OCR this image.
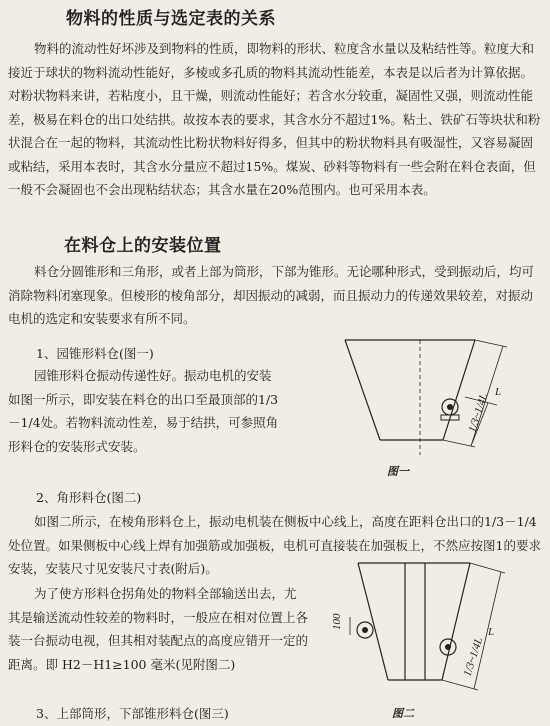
物料的性质与选定表的关系

物料的流动性好坏涉及到物料的性质，即物料的形状、粒度含水量以及粘结性等。粒度大和接近于球状的物料流动性能好，多棱或多孔质的物料其流动性能差，本表是以后者为计算依据。对粉状物料来讲，若粘度小，且干燥，则流动性能好；若含水分较重，凝固性又强，则流动性能差，极易在料仓的出口处结拱。故按本表的要求，其含水分不超过1%。粘土、铁矿石等块状和粉状混合在一起的物料，其流动性比粉状物料好得多，但其中的粉状物料具有吸湿性，又容易凝固或粘结，采用本表时，其含水分量应不超过15%。煤炭、砂料等物料有一些会附在料仓表面，但一般不会凝固也不会出现粘结状态；其含水量在20%范围内。也可采用本表。

在料仓上的安装位置

料仓分圆锥形和三角形，或者上部为筒形，下部为锥形。无论哪种形式，受到振动后，均可消除物料闭塞现象。但棱形的棱角部分，却因振动的减弱，而且振动力的传递效果较差，对振动电机的选定和安装要求有所不同。

1、园锥形料仓(图一)

园锥形料仓振动传递性好。振动电机的安装如图一所示，即安装在料仓的出口至最顶部的1/3－1/4处。若物料流动性差，易于结拱，可参照角形料仓的安装形式安装。

L
1/3~1/4L
图一
2、角形料仓(图二)

如图二所示，在棱角形料仓上，振动电机装在侧板中心线上，高度在距料仓出口的1/3－1/4处位置。如果侧板中心线上焊有加强筋或加强板，电机可直接装在加强板上，不然应按图1的要求安装，安装尺寸见安装尺寸表(附后)。

为了使方形料仓拐角处的物料全部输送出去，尤其是输送流动性较差的物料时，一般应在相对位置上各装一台振动电视，但其相对装配点的高度应错开一定的距离。即 H2－H1≥100 毫米(见附图二)

L
1/3~1/4L
100
图二
3、上部筒形，下部锥形料仓(图三)
